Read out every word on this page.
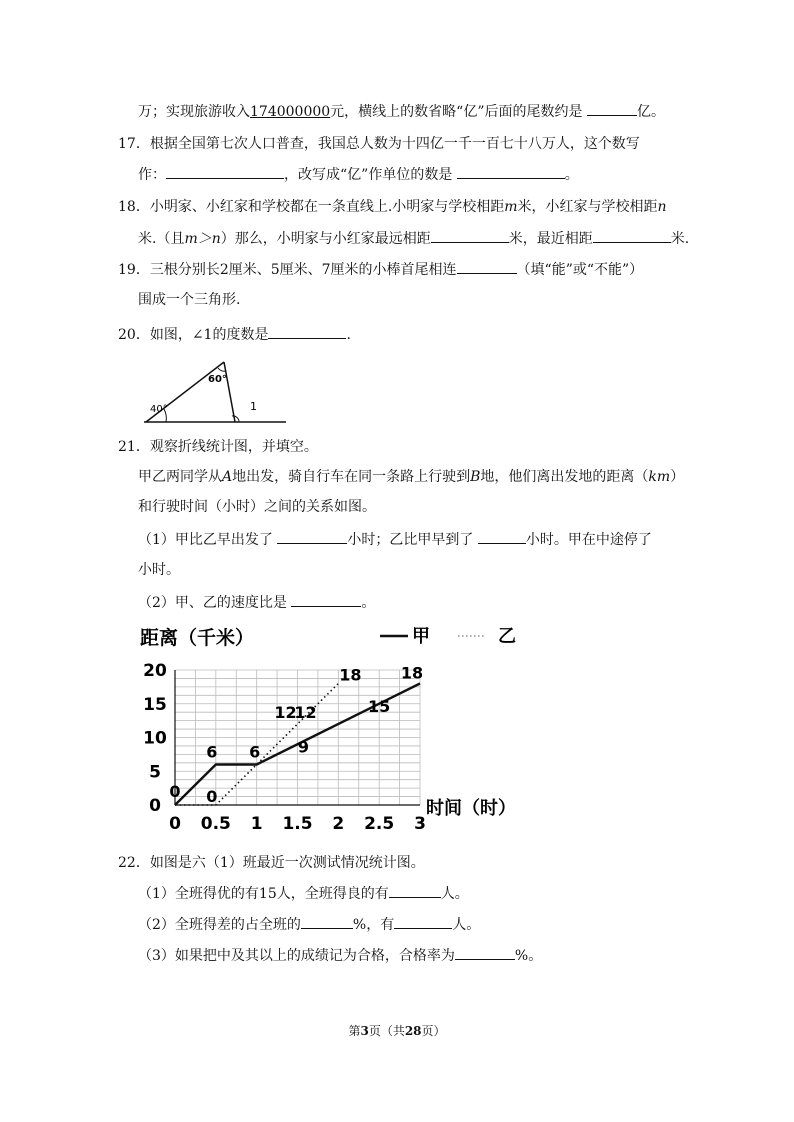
万；实现旅游收入174000000元，横线上的数省略“亿”后面的尾数约是	亿。
17．根据全国第七次人口普查，我国总人数为十四亿一千一百七十八万人，这个数写
作：	，改写成“亿”作单位的数是	。
18．小明家、小红家和学校都在一条直线上.小明家与学校相距m米，小红家与学校相距n
米.（且m＞n）那么，小明家与小红家最远相距	米，最近相距	米.
19．三根分别长2厘米、5厘米、7厘米的小棒首尾相连	（填“能”或“不能”）
围成一个三角形.
20．如图，∠1的度数是	.
60°
40°	1
21．观察折线统计图，并填空。
甲乙两同学从A地出发，骑自行车在同一条路上行驶到B地，他们离出发地的距离（km）
和行驶时间（小时）之间的关系如图。
（1）甲比乙早出发了	小时；乙比甲早到了	小时。甲在中途停了
小时。
（2）甲、乙的速度比是	。
距离（千米）	甲	乙
0 0.5 1 1.5 2 2.5 3
0
5
10
15
20
0
6 6
0
9
12
12
18
15
18
时间（时）
22．如图是六（1）班最近一次测试情况统计图。
（1）全班得优的有15人，全班得良的有	人。
（2）全班得差的占全班的	%，有	人。
（3）如果把中及其以上的成绩记为合格，合格率为	%。
第3页（共28页）
